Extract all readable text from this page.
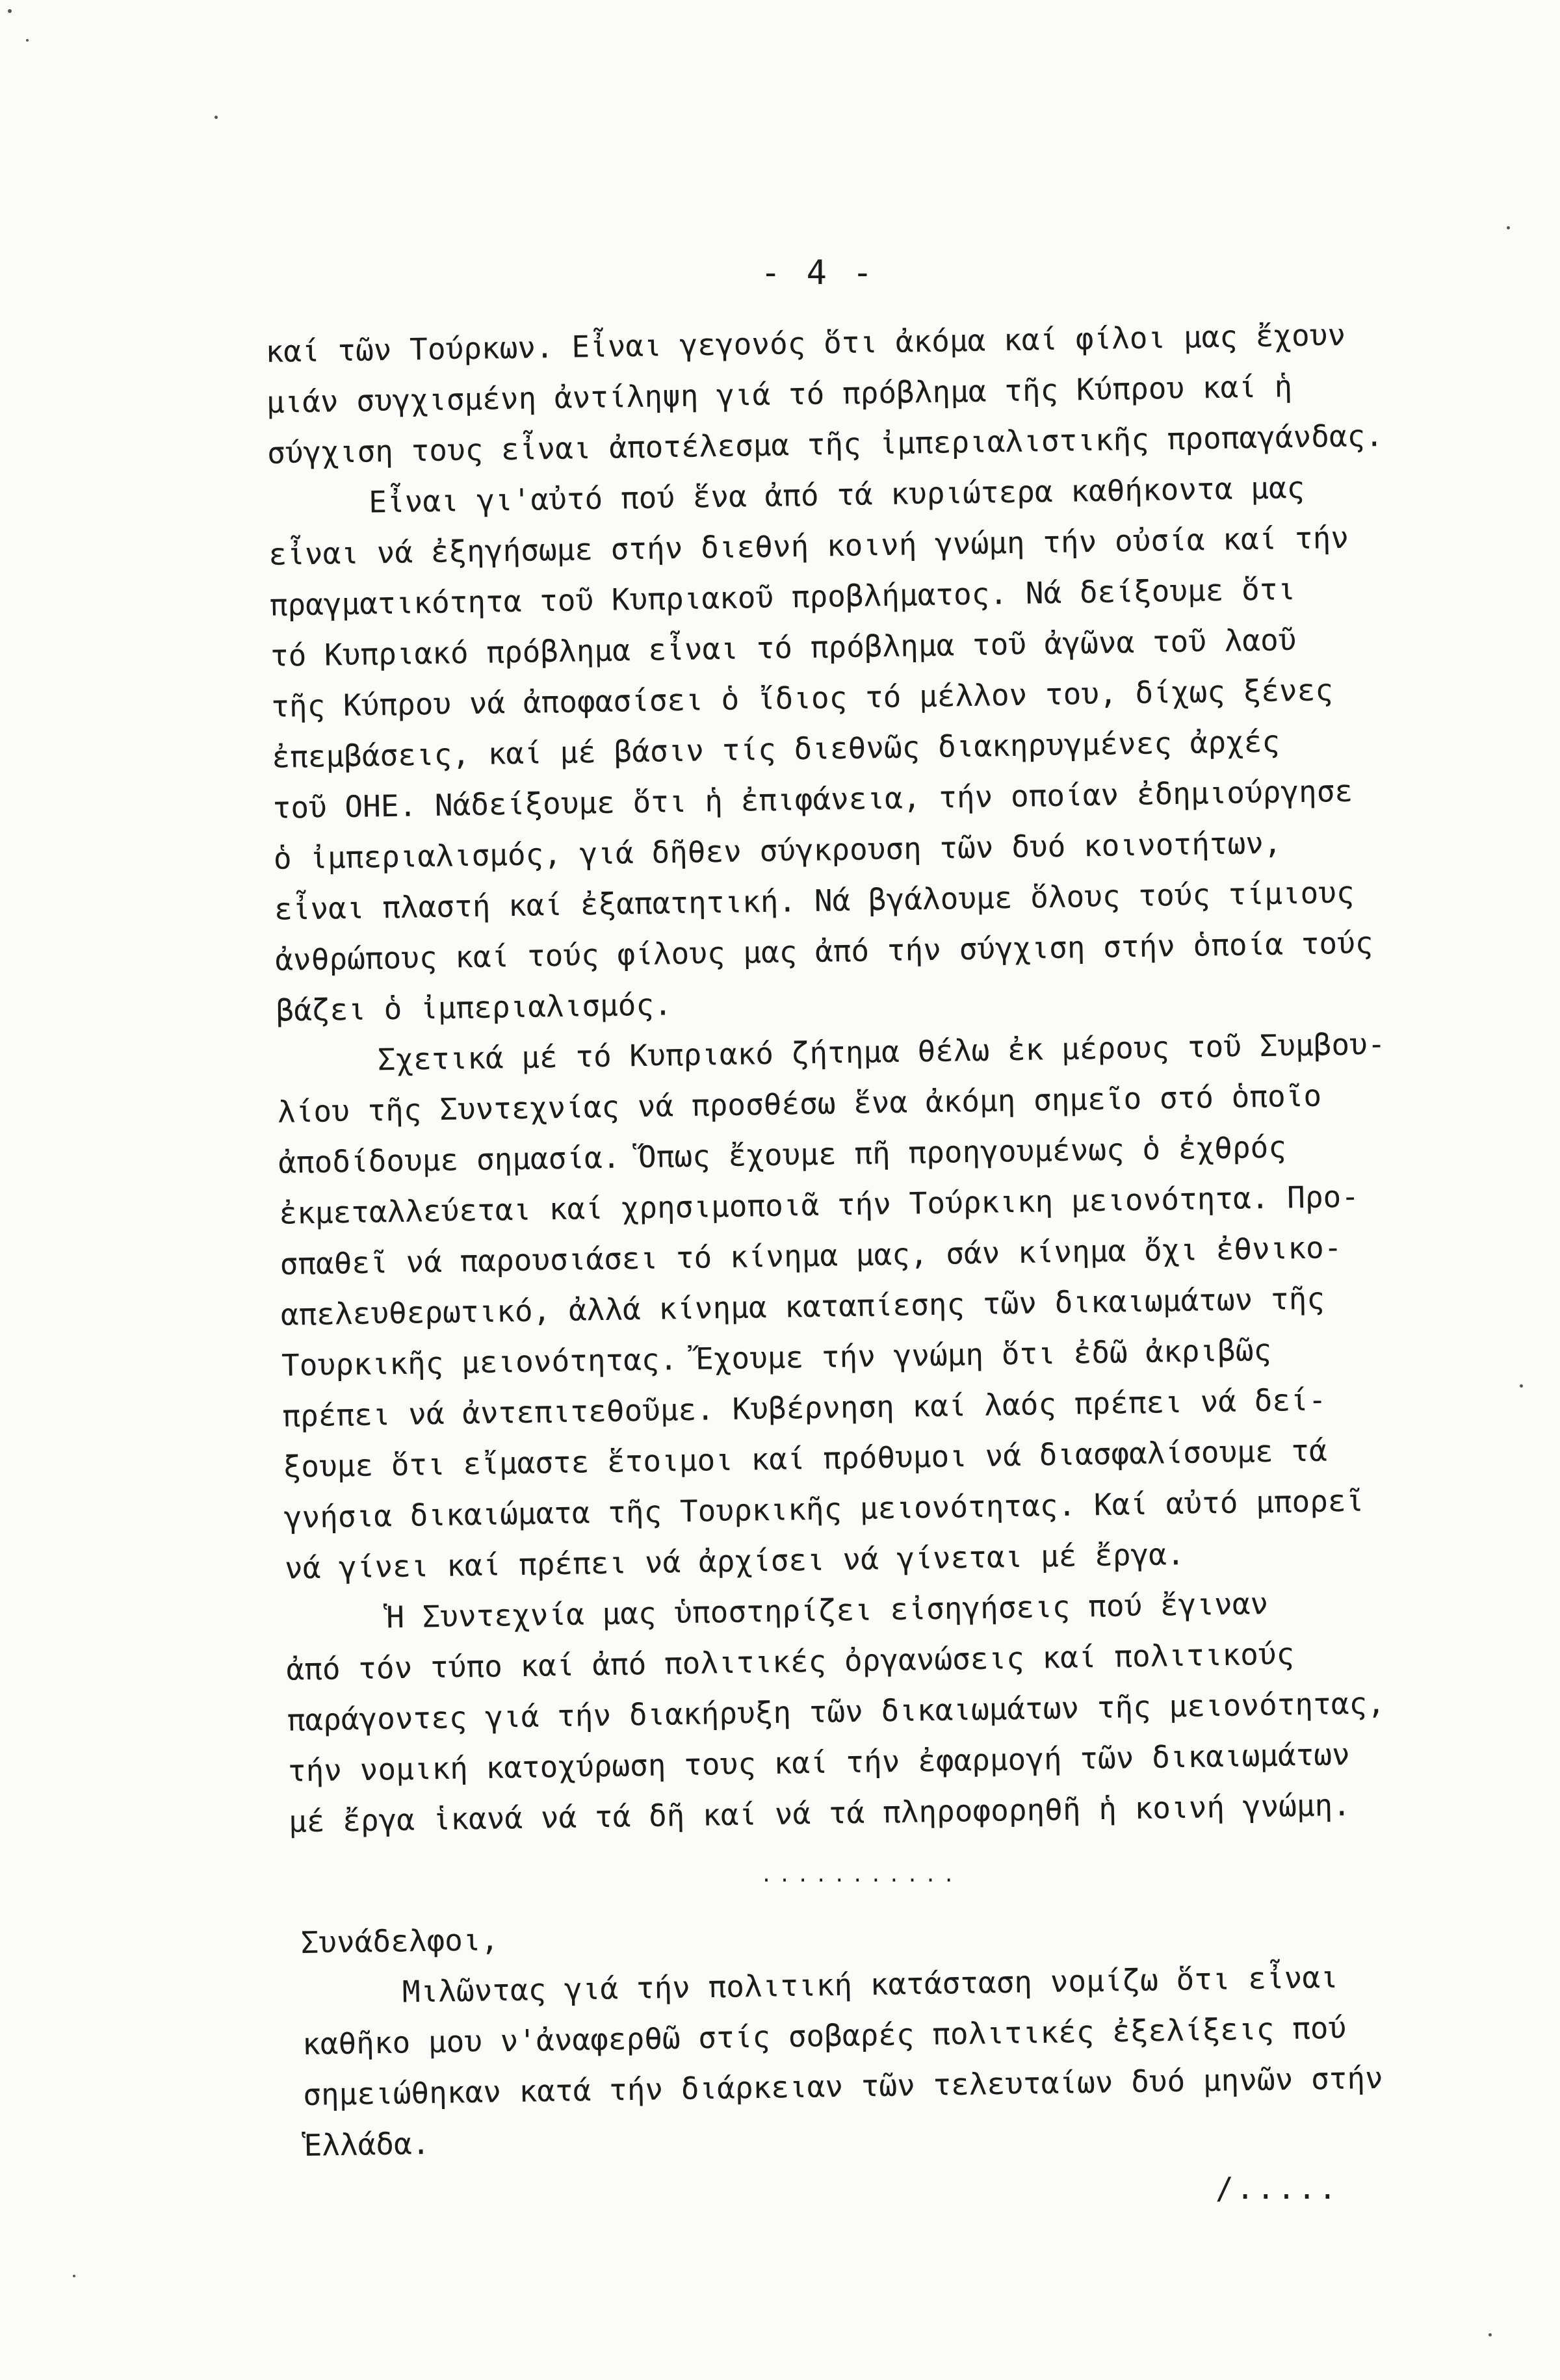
- 4 -
καί τῶν Τούρκων. Εἶναι γεγονός ὅτι ἀκόμα καί φίλοι μας ἔχουν
μιάν συγχισμένη ἀντίληψη γιά τό πρόβλημα τῆς Κύπρου καί ἡ
σύγχιση τους εἶναι ἀποτέλεσμα τῆς ἰμπεριαλιστικῆς προπαγάνδας.
Εἶναι γι'αὐτό πού ἕνα ἀπό τά κυριώτερα καθήκοντα μας
εἶναι νά ἐξηγήσωμε στήν διεθνή κοινή γνώμη τήν οὐσία καί τήν
πραγματικότητα τοῦ Κυπριακοῦ προβλήματος. Νά δείξουμε ὅτι
τό Κυπριακό πρόβλημα εἶναι τό πρόβλημα τοῦ ἀγῶνα τοῦ λαοῦ
τῆς Κύπρου νά ἀποφασίσει ὁ ἴδιος τό μέλλον του, δίχως ξένες
ἐπεμβάσεις, καί μέ βάσιν τίς διεθνῶς διακηρυγμένες ἀρχές
τοῦ ΟΗΕ. Νάδείξουμε ὅτι ἡ ἐπιφάνεια, τήν οποίαν ἐδημιούργησε
ὁ ἰμπεριαλισμός, γιά δῆθεν σύγκρουση τῶν δυό κοινοτήτων,
εἶναι πλαστή καί ἐξαπατητική. Νά βγάλουμε ὅλους τούς τίμιους
ἀνθρώπους καί τούς φίλους μας ἀπό τήν σύγχιση στήν ὁποία τούς
βάζει ὁ ἰμπεριαλισμός.
Σχετικά μέ τό Κυπριακό ζήτημα θέλω ἐκ μέρους τοῦ Συμβου-
λίου τῆς Συντεχνίας νά προσθέσω ἕνα ἀκόμη σημεῖο στό ὁποῖο
ἀποδίδουμε σημασία. Ὅπως ἔχουμε πῆ προηγουμένως ὁ ἐχθρός
ἐκμεταλλεύεται καί χρησιμοποιᾶ τήν Τούρκικη μειονότητα. Προ-
σπαθεῖ νά παρουσιάσει τό κίνημα μας, σάν κίνημα ὄχι ἐθνικο-
απελευθερωτικό, ἀλλά κίνημα καταπίεσης τῶν δικαιωμάτων τῆς
Τουρκικῆς μειονότητας. Ἔχουμε τήν γνώμη ὅτι ἐδῶ ἀκριβῶς
πρέπει νά ἀντεπιτεθοῦμε. Κυβέρνηση καί λαός πρέπει νά δεί-
ξουμε ὅτι εἴμαστε ἕτοιμοι καί πρόθυμοι νά διασφαλίσουμε τά
γνήσια δικαιώματα τῆς Τουρκικῆς μειονότητας. Καί αὐτό μπορεῖ
νά γίνει καί πρέπει νά ἀρχίσει νά γίνεται μέ ἔργα.
Ἡ Συντεχνία μας ὑποστηρίζει εἰσηγήσεις πού ἔγιναν
ἀπό τόν τύπο καί ἀπό πολιτικές ὀργανώσεις καί πολιτικούς
παράγοντες γιά τήν διακήρυξη τῶν δικαιωμάτων τῆς μειονότητας,
τήν νομική κατοχύρωση τους καί τήν ἐφαρμογή τῶν δικαιωμάτων
μέ ἔργα ἱκανά νά τά δῆ καί νά τά πληροφορηθῆ ἡ κοινή γνώμη.
...........
Συνάδελφοι,
Μιλῶντας γιά τήν πολιτική κατάσταση νομίζω ὅτι εἶναι
καθῆκο μου ν'ἀναφερθῶ στίς σοβαρές πολιτικές ἐξελίξεις πού
σημειώθηκαν κατά τήν διάρκειαν τῶν τελευταίων δυό μηνῶν στήν
Ἑλλάδα.
/.....
